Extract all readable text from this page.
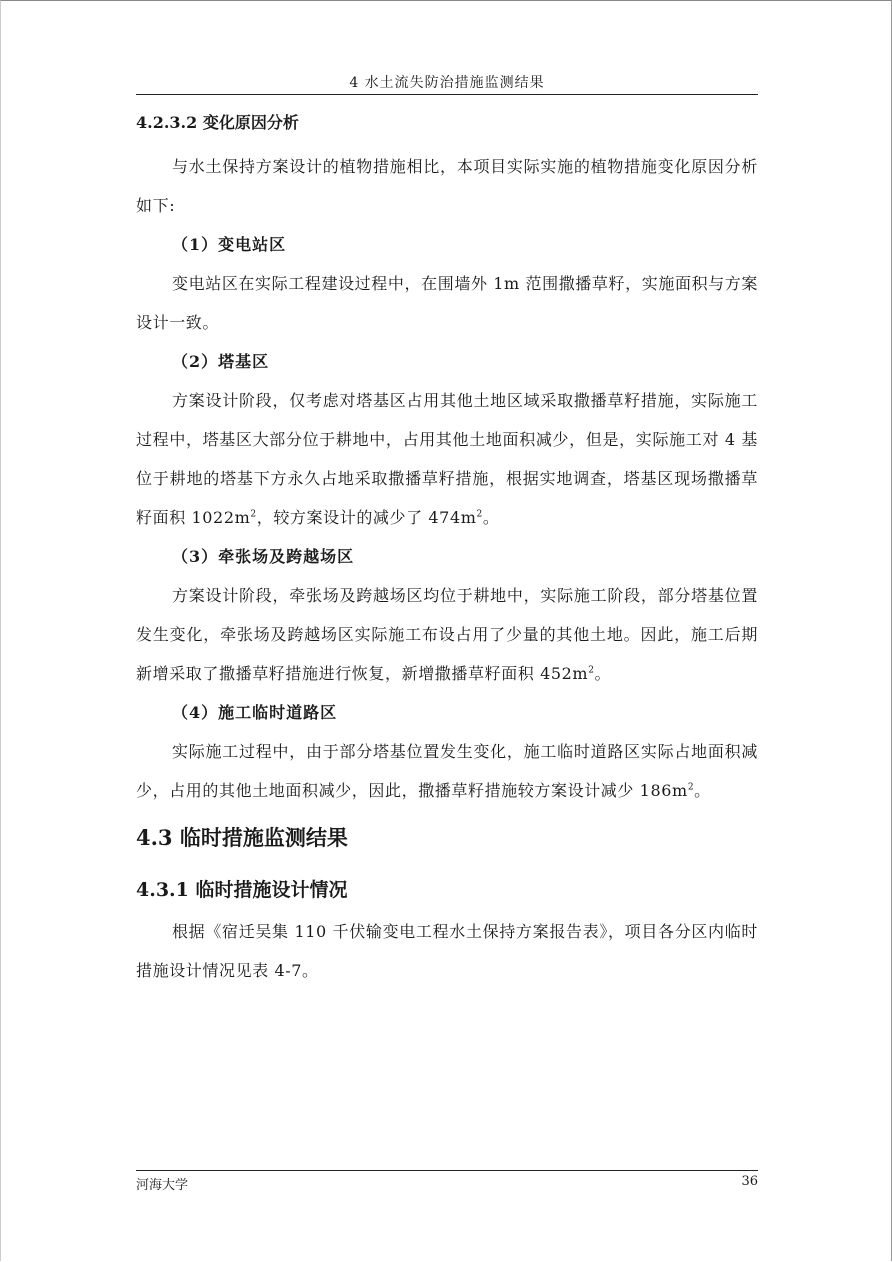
4 水土流失防治措施监测结果
4.2.3.2 变化原因分析

与水土保持方案设计的植物措施相比，本项目实际实施的植物措施变化原因分析如下:

（1）变电站区

变电站区在实际工程建设过程中，在围墙外 1m 范围撒播草籽，实施面积与方案设计一致。

（2）塔基区

方案设计阶段，仅考虑对塔基区占用其他土地区域采取撒播草籽措施，实际施工过程中，塔基区大部分位于耕地中，占用其他土地面积减少，但是，实际施工对 4 基位于耕地的塔基下方永久占地采取撒播草籽措施，根据实地调查，塔基区现场撒播草籽面积 $1022m^2$，较方案设计的减少了 $474m^2$。

（3）牵张场及跨越场区

方案设计阶段，牵张场及跨越场区均位于耕地中，实际施工阶段，部分塔基位置发生变化，牵张场及跨越场区实际施工布设占用了少量的其他土地。因此，施工后期新增采取了撒播草籽措施进行恢复，新增撒播草籽面积 $452m^2$。

（4）施工临时道路区

实际施工过程中，由于部分塔基位置发生变化，施工临时道路区实际占地面积减少，占用的其他土地面积减少，因此，撒播草籽措施较方案设计减少 $186m^2$。

4.3 临时措施监测结果
4.3.1 临时措施设计情况

根据《宿迁吴集 110 千伏输变电工程水土保持方案报告表》，项目各分区内临时措施设计情况见表 4-7。

河海大学	36
